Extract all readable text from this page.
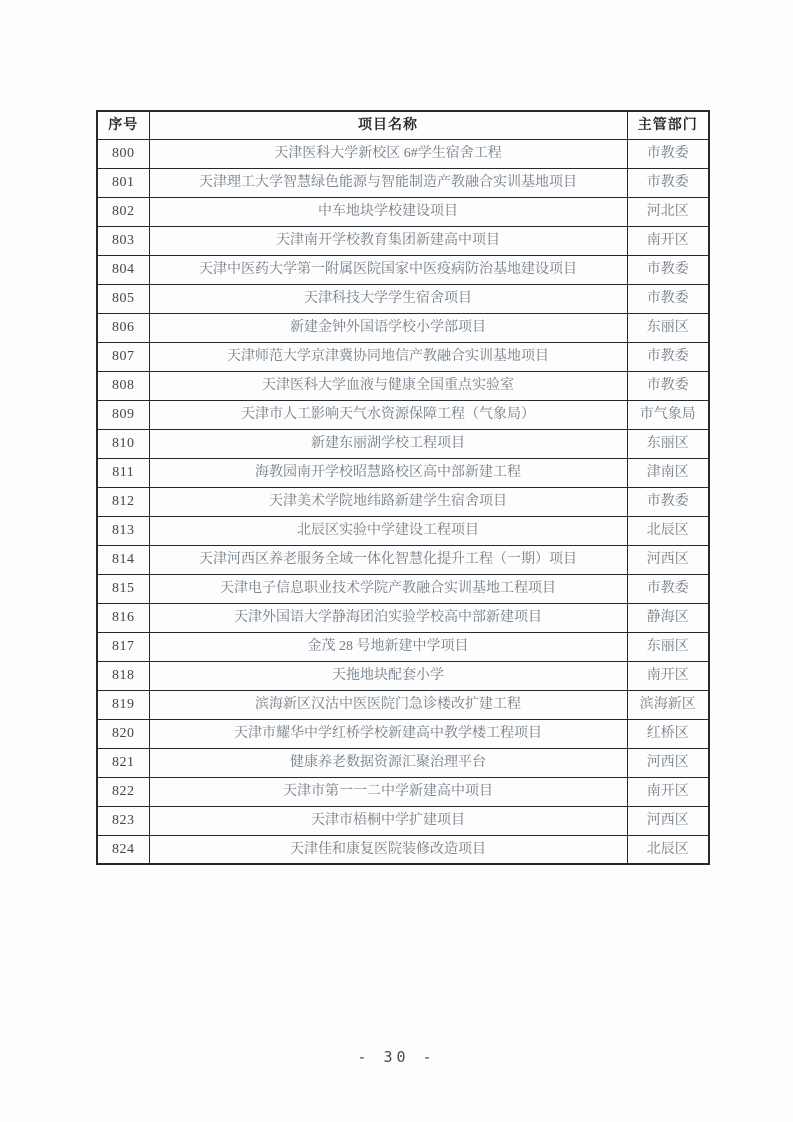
序号	项目名称	主管部门
800	天津医科大学新校区 6#学生宿舍工程	市教委
801	天津理工大学智慧绿色能源与智能制造产教融合实训基地项目	市教委
802	中车地块学校建设项目	河北区
803	天津南开学校教育集团新建高中项目	南开区
804	天津中医药大学第一附属医院国家中医疫病防治基地建设项目	市教委
805	天津科技大学学生宿舍项目	市教委
806	新建金钟外国语学校小学部项目	东丽区
807	天津师范大学京津冀协同地信产教融合实训基地项目	市教委
808	天津医科大学血液与健康全国重点实验室	市教委
809	天津市人工影响天气水资源保障工程（气象局）	市气象局
810	新建东丽湖学校工程项目	东丽区
811	海教园南开学校昭慧路校区高中部新建工程	津南区
812	天津美术学院地纬路新建学生宿舍项目	市教委
813	北辰区实验中学建设工程项目	北辰区
814	天津河西区养老服务全域一体化智慧化提升工程（一期）项目	河西区
815	天津电子信息职业技术学院产教融合实训基地工程项目	市教委
816	天津外国语大学静海团泊实验学校高中部新建项目	静海区
817	金茂 28 号地新建中学项目	东丽区
818	天拖地块配套小学	南开区
819	滨海新区汉沽中医医院门急诊楼改扩建工程	滨海新区
820	天津市耀华中学红桥学校新建高中教学楼工程项目	红桥区
821	健康养老数据资源汇聚治理平台	河西区
822	天津市第一一二中学新建高中项目	南开区
823	天津市梧桐中学扩建项目	河西区
824	天津佳和康复医院装修改造项目	北辰区
- 30 -
